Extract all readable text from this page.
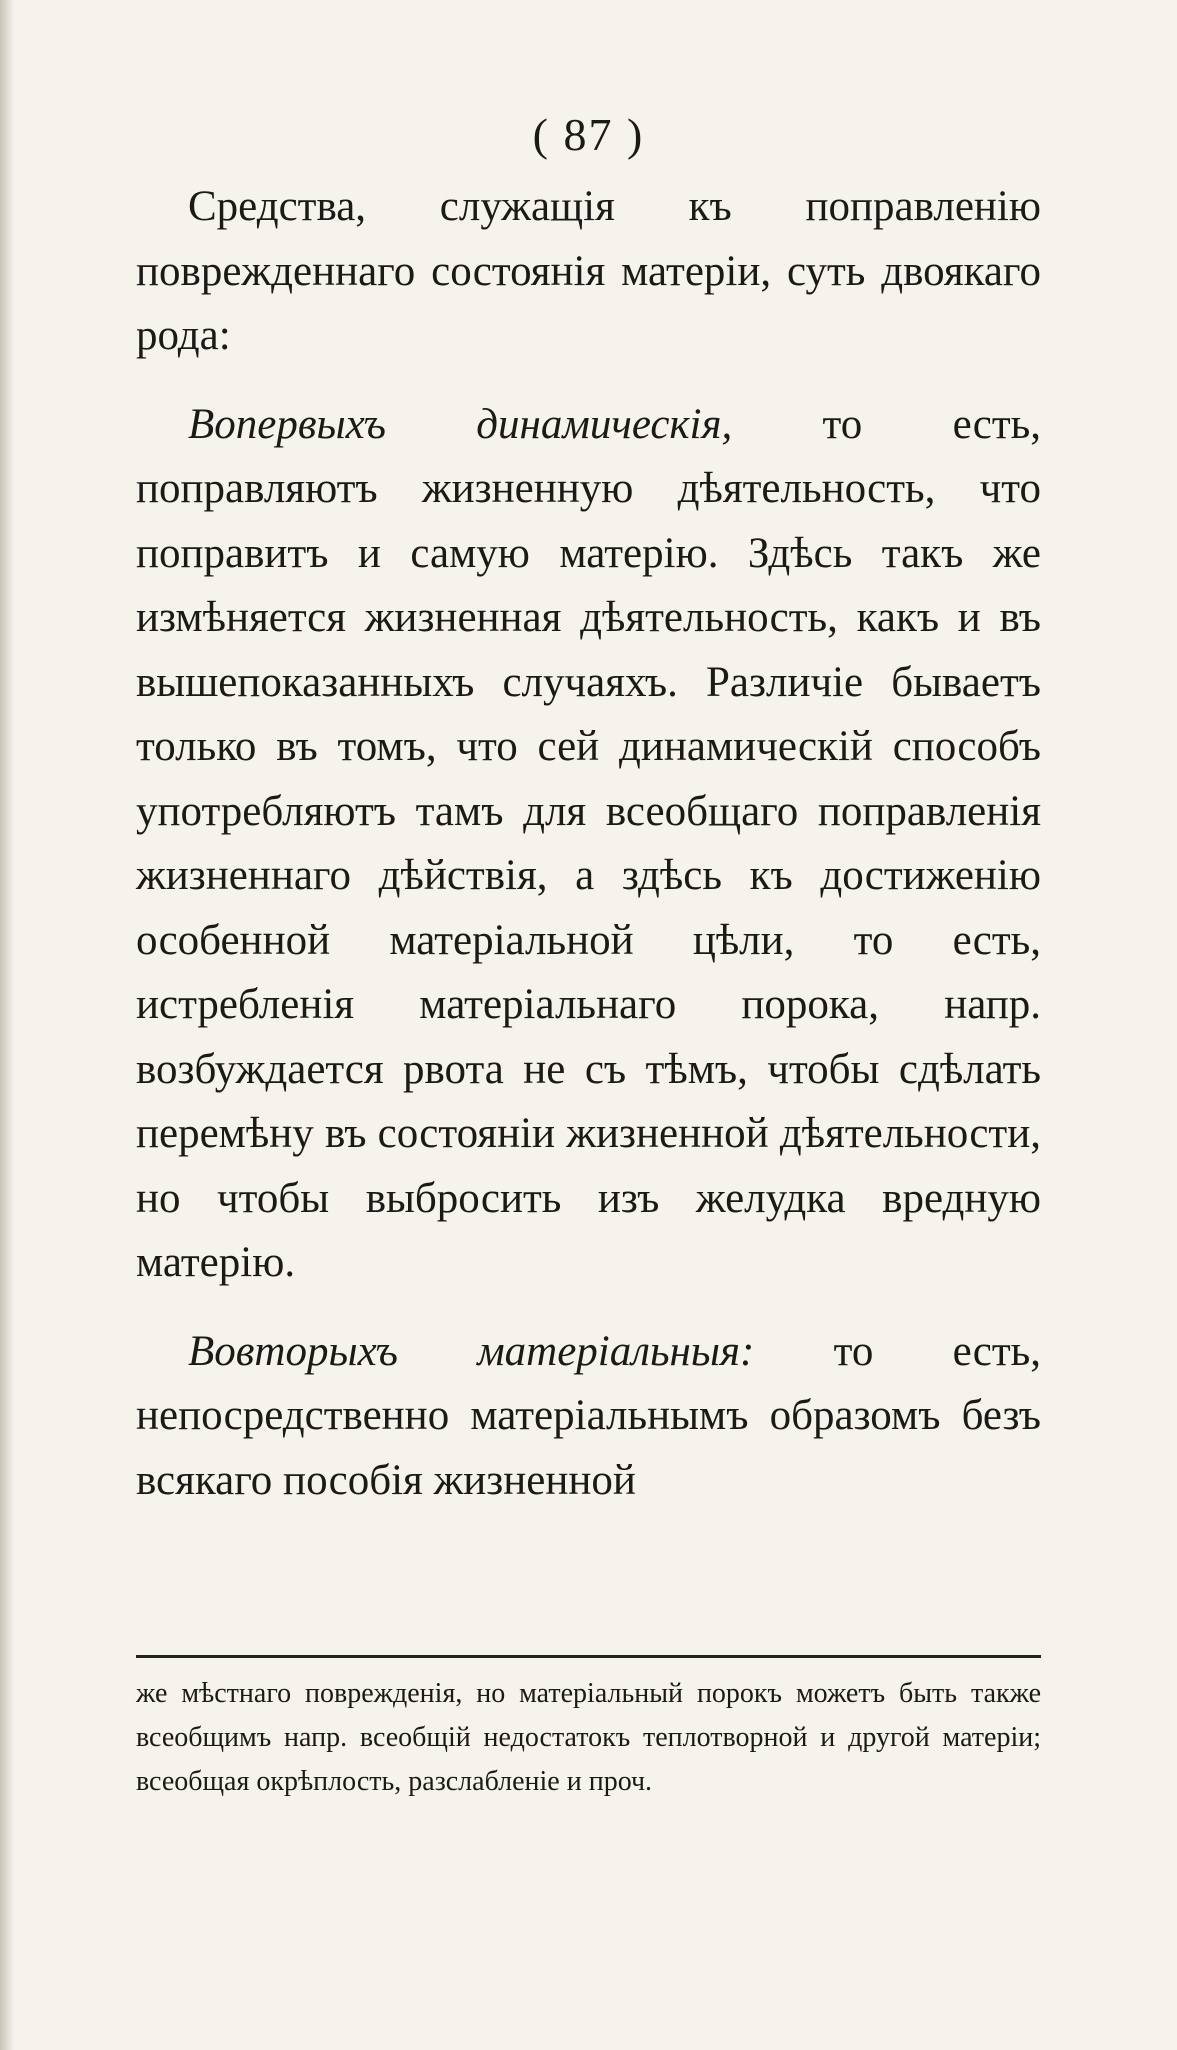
( 87 )

Средства, служащія къ поправленію поврежденнаго состоянія матеріи, суть двоякаго рода:

Вопервыхъ динамическія, то есть, поправляютъ жизненную дѣятельность, что поправитъ и самую матерію. Здѣсь такъ же измѣняется жизненная дѣятельность, какъ и въ вышепоказанныхъ случаяхъ. Различіе бываетъ только въ томъ, что сей динамическій способъ употребляютъ тамъ для всеобщаго поправленія жизненнаго дѣйствія, а здѣсь къ достиженію особенной матеріальной цѣли, то есть, истребленія матеріальнаго порока, напр. возбуждается рвота не съ тѣмъ, чтобы сдѣлать перемѣну въ состояніи жизненной дѣятельности, но чтобы выбросить изъ желудка вредную матерію.

Вовторыхъ матеріальныя: то есть, непосредственно матеріальнымъ образомъ безъ всякаго пособія жизненной

же мѣстнаго поврежденія, но матеріальный порокъ можетъ быть также всеобщимъ напр. всеобщій недостатокъ теплотворной и другой матеріи; всеобщая окрѣплость, разслабленіе и проч.
